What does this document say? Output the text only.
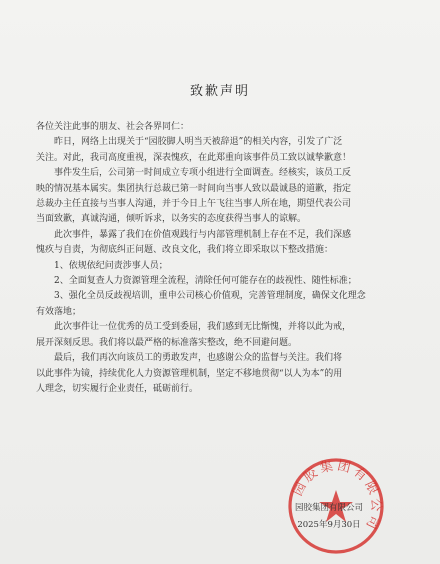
致歉声明
各位关注此事的朋友、社会各界同仁：
昨日，网络上出现关于“园胶脚人明当天被辞退”的相关内容，引发了广泛
关注。对此，我司高度重视，深表愧疚，在此郑重向该事件员工致以诚挚歉意！
事件发生后，公司第一时间成立专项小组进行全面调查。经核实，该员工反
映的情况基本属实。集团执行总裁已第一时间向当事人致以最诚恳的道歉，指定
总裁办主任直接与当事人沟通，并于今日上午飞往当事人所在地，期望代表公司
当面致歉，真诚沟通，倾听诉求，以务实的态度获得当事人的谅解。
此次事件，暴露了我们在价值观践行与内部管理机制上存在不足，我们深感
愧疚与自责，为彻底纠正问题、改良文化，我们将立即采取以下整改措施：
1、依规依纪问责涉事人员；
2、全面复查人力资源管理全流程，清除任何可能存在的歧视性、随性标准；
3、强化全员反歧视培训，重申公司核心价值观，完善管理制度，确保文化理念
有效落地；
此次事件让一位优秀的员工受到委屈，我们感到无比惭愧，并将以此为戒，
展开深刻反思。我们将以最严格的标准落实整改，绝不回避问题。
最后，我们再次向该员工的勇敢发声，也感谢公众的监督与关注。我们将
以此事件为镜，持续优化人力资源管理机制，坚定不移地贯彻“以人为本”的用
人理念，切实履行企业责任，砥砺前行。
园胶集团有限公司
园胶集团有限公司
2025年9月30日
